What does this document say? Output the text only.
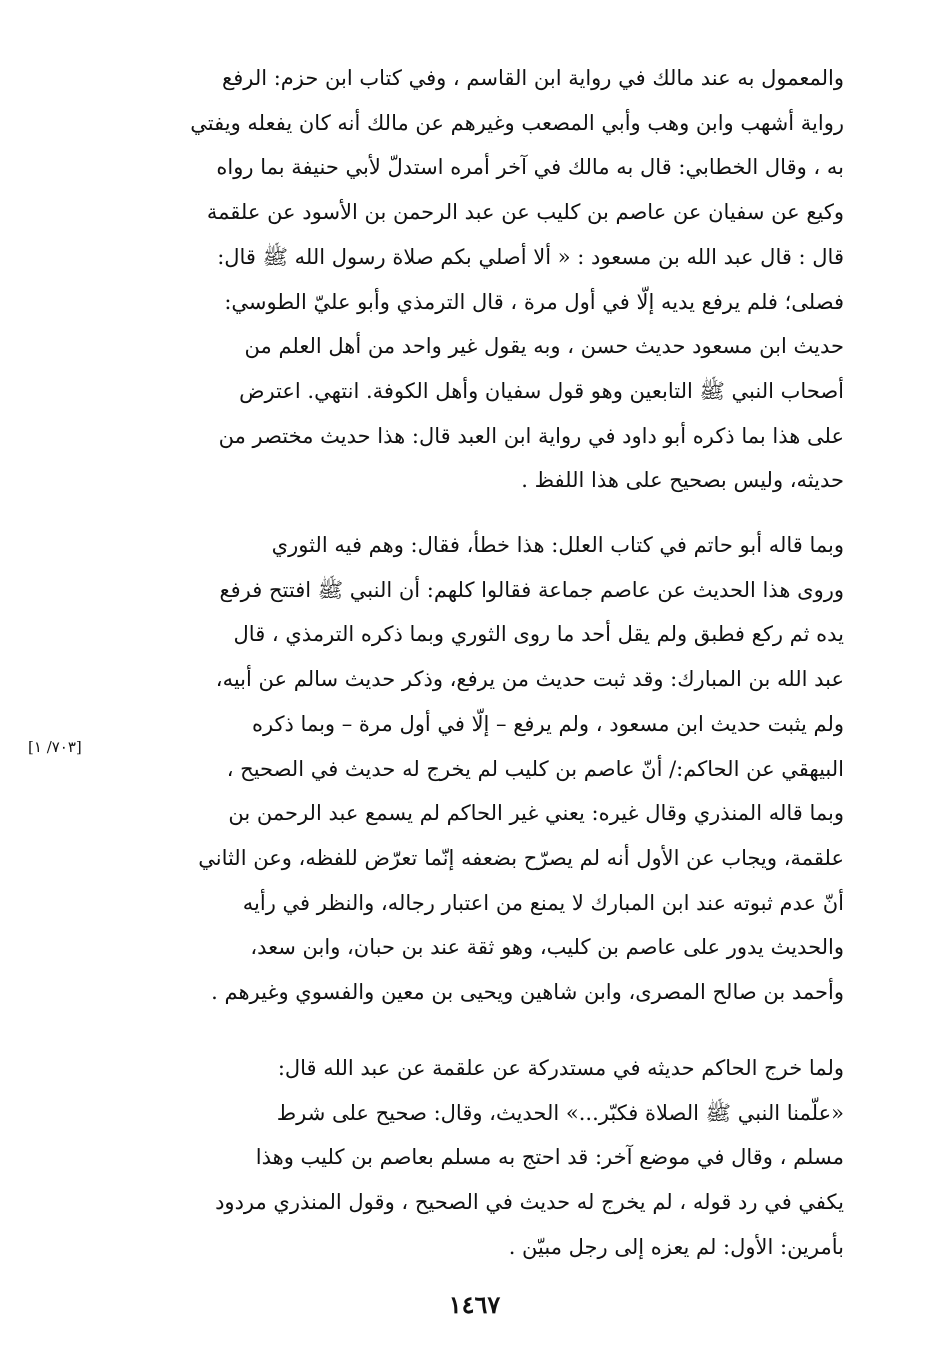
والمعمول به عند مالك في رواية ابن القاسم ، وفي كتاب ابن حزم: الرفع
رواية أشهب وابن وهب وأبي المصعب وغيرهم عن مالك أنه كان يفعله ويفتي
به ، وقال الخطابي: قال به مالك في آخر أمره استدلّ لأبي حنيفة بما رواه
وكيع عن سفيان عن عاصم بن كليب عن عبد الرحمن بن الأسود عن علقمة
قال : قال عبد الله بن مسعود : « ألا أصلي بكم صلاة رسول الله ﷺ قال:
فصلى؛ فلم يرفع يديه إلّا في أول مرة ، قال الترمذي وأبو عليّ الطوسي:
حديث ابن مسعود حديث حسن ، وبه يقول غير واحد من أهل العلم من
أصحاب النبي ﷺ التابعين وهو قول سفيان وأهل الكوفة. انتهي. اعترض
على هذا بما ذكره أبو داود في رواية ابن العبد قال: هذا حديث مختصر من
حديثه، وليس بصحيح على هذا اللفظ .
وبما قاله أبو حاتم في كتاب العلل: هذا خطأ، فقال: وهم فيه الثوري
وروى هذا الحديث عن عاصم جماعة فقالوا كلهم: أن النبي ﷺ افتتح فرفع
يده ثم ركع فطبق ولم يقل أحد ما روى الثوري وبما ذكره الترمذي ، قال
عبد الله بن المبارك: وقد ثبت حديث من يرفع، وذكر حديث سالم عن أبيه،
ولم يثبت حديث ابن مسعود ، ولم يرفع – إلّا في أول مرة – وبما ذكره
البيهقي عن الحاكم:/ أنّ عاصم بن كليب لم يخرج له حديث في الصحيح ،
وبما قاله المنذري وقال غيره: يعني غير الحاكم لم يسمع عبد الرحمن بن
علقمة، ويجاب عن الأول أنه لم يصرّح بضعفه إنّما تعرّض للفظه، وعن الثاني
أنّ عدم ثبوته عند ابن المبارك لا يمنع من اعتبار رجاله، والنظر في رأيه
والحديث يدور على عاصم بن كليب، وهو ثقة عند بن حبان، وابن سعد،
وأحمد بن صالح المصرى، وابن شاهين ويحيى بن معين والفسوي وغيرهم .
[٧٠٣/ ١]
ولما خرج الحاكم حديثه في مستدركة عن علقمة عن عبد الله قال:
«علّمنا النبي ﷺ الصلاة فكبّر...» الحديث، وقال: صحيح على شرط
مسلم ، وقال في موضع آخر: قد احتج به مسلم بعاصم بن كليب وهذا
يكفي في رد قوله ، لم يخرج له حديث في الصحيح ، وقول المنذري مردود
بأمرين: الأول: لم يعزه إلى رجل مبيّن .
١٤٦٧
